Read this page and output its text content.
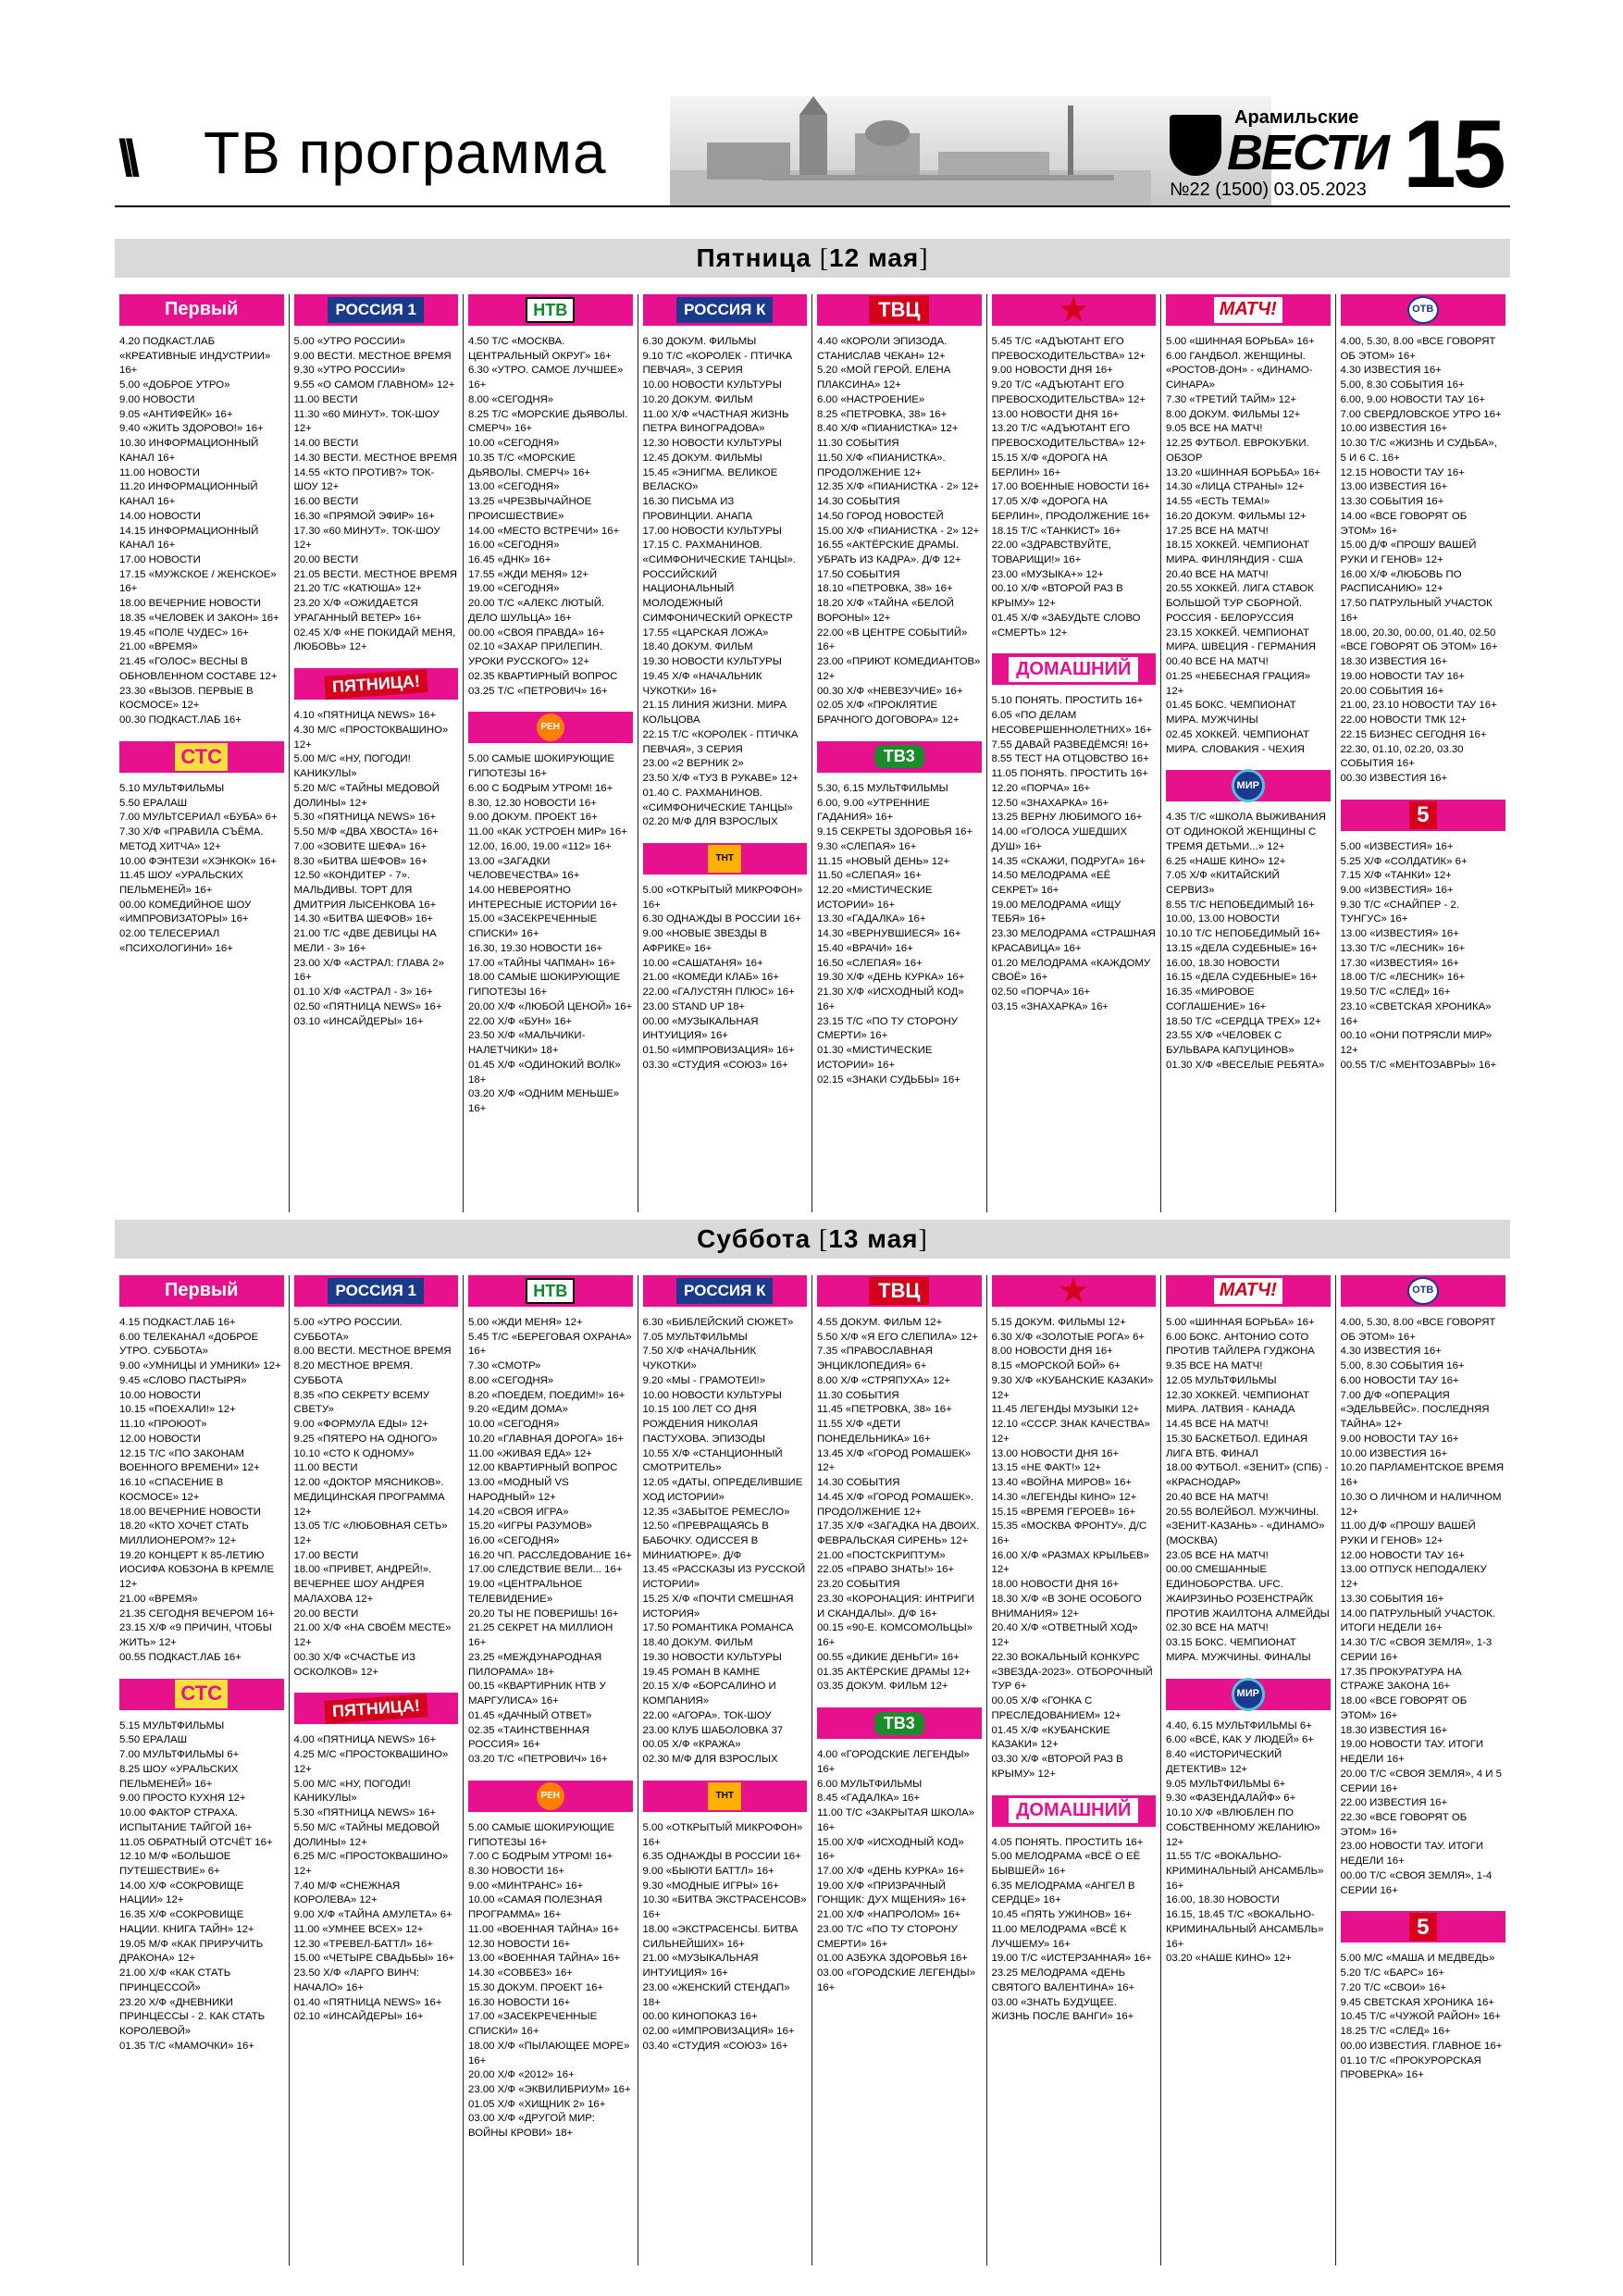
\\ ТВ программа
Арамильские
ВЕСТИ
№22 (1500) 03.05.2023 15
Пятница [12 мая]
Первый
4.20 ПОДКАСТ.ЛАБ «КРЕАТИВНЫЕ ИНДУСТРИИ» 16+
5.00 «ДОБРОЕ УТРО»
9.00 НОВОСТИ
9.05 «АНТИФЕЙК» 16+
9.40 «ЖИТЬ ЗДОРОВО!» 16+
10.30 ИНФОРМАЦИОННЫЙ КАНАЛ 16+
11.00 НОВОСТИ
11.20 ИНФОРМАЦИОННЫЙ КАНАЛ 16+
14.00 НОВОСТИ
14.15 ИНФОРМАЦИОННЫЙ КАНАЛ 16+
17.00 НОВОСТИ
17.15 «МУЖСКОЕ / ЖЕНСКОЕ» 16+
18.00 ВЕЧЕРНИЕ НОВОСТИ
18.35 «ЧЕЛОВЕК И ЗАКОН» 16+
19.45 «ПОЛЕ ЧУДЕС» 16+
21.00 «ВРЕМЯ»
21.45 «ГОЛОС» ВЕСНЫ В ОБНОВЛЕННОМ СОСТАВЕ 12+
23.30 «ВЫЗОВ. ПЕРВЫЕ В КОСМОСЕ» 12+
00.30 ПОДКАСТ.ЛАБ 16+
СТС
5.10 МУЛЬТФИЛЬМЫ
5.50 ЕРАЛАШ
7.00 МУЛЬТСЕРИАЛ «БУБА» 6+
7.30 Х/Ф «ПРАВИЛА СЪЁМА. МЕТОД ХИТЧА» 12+
10.00 ФЭНТЕЗИ «ХЭНКОК» 16+
11.45 ШОУ «УРАЛЬСКИХ ПЕЛЬМЕНЕЙ» 16+
00.00 КОМЕДИЙНОЕ ШОУ «ИМПРОВИЗАТОРЫ» 16+
02.00 ТЕЛЕСЕРИАЛ «ПСИХОЛОГИНИ» 16+
РОССИЯ 1
5.00 «УТРО РОССИИ»
9.00 ВЕСТИ. МЕСТНОЕ ВРЕМЯ
9.30 «УТРО РОССИИ»
9.55 «О САМОМ ГЛАВНОМ» 12+
11.00 ВЕСТИ
11.30 «60 МИНУТ». ТОК-ШОУ 12+
14.00 ВЕСТИ
14.30 ВЕСТИ. МЕСТНОЕ ВРЕМЯ
14.55 «КТО ПРОТИВ?» ТОК-ШОУ 12+
16.00 ВЕСТИ
16.30 «ПРЯМОЙ ЭФИР» 16+
17.30 «60 МИНУТ». ТОК-ШОУ 12+
20.00 ВЕСТИ
21.05 ВЕСТИ. МЕСТНОЕ ВРЕМЯ
21.20 Т/С «КАТЮША» 12+
23.20 Х/Ф «ОЖИДАЕТСЯ УРАГАННЫЙ ВЕТЕР» 16+
02.45 Х/Ф «НЕ ПОКИДАЙ МЕНЯ, ЛЮБОВЬ» 12+
ПЯТНИЦА!
4.10 «ПЯТНИЦА NEWS» 16+
4.30 М/С «ПРОСТОКВАШИНО» 12+
5.00 М/С «НУ, ПОГОДИ! КАНИКУЛЫ»
5.20 М/С «ТАЙНЫ МЕДОВОЙ ДОЛИНЫ» 12+
5.30 «ПЯТНИЦА NEWS» 16+
5.50 М/Ф «ДВА ХВОСТА» 16+
7.00 «ЗОВИТЕ ШЕФА» 16+
8.30 «БИТВА ШЕФОВ» 16+
12.50 «КОНДИТЕР - 7». МАЛЬДИВЫ. ТОРТ ДЛЯ ДМИТРИЯ ЛЫСЕНКОВА 16+
14.30 «БИТВА ШЕФОВ» 16+
21.00 Т/С «ДВЕ ДЕВИЦЫ НА МЕЛИ - 3» 16+
23.00 Х/Ф «АСТРАЛ: ГЛАВА 2» 16+
01.10 Х/Ф «АСТРАЛ - 3» 16+
02.50 «ПЯТНИЦА NEWS» 16+
03.10 «ИНСАЙДЕРЫ» 16+
НТВ
4.50 Т/С «МОСКВА. ЦЕНТРАЛЬНЫЙ ОКРУГ» 16+
6.30 «УТРО. САМОЕ ЛУЧШЕЕ» 16+
8.00 «СЕГОДНЯ»
8.25 Т/С «МОРСКИЕ ДЬЯВОЛЫ. СМЕРЧ» 16+
10.00 «СЕГОДНЯ»
10.35 Т/С «МОРСКИЕ ДЬЯВОЛЫ. СМЕРЧ» 16+
13.00 «СЕГОДНЯ»
13.25 «ЧРЕЗВЫЧАЙНОЕ ПРОИСШЕСТВИЕ»
14.00 «МЕСТО ВСТРЕЧИ» 16+
16.00 «СЕГОДНЯ»
16.45 «ДНК» 16+
17.55 «ЖДИ МЕНЯ» 12+
19.00 «СЕГОДНЯ»
20.00 Т/С «АЛЕКС ЛЮТЫЙ. ДЕЛО ШУЛЬЦА» 16+
00.00 «СВОЯ ПРАВДА» 16+
02.10 «ЗАХАР ПРИЛЕПИН. УРОКИ РУССКОГО» 12+
02.35 КВАРТИРНЫЙ ВОПРОС
03.25 Т/С «ПЕТРОВИЧ» 16+
РЕН
5.00 САМЫЕ ШОКИРУЮЩИЕ ГИПОТЕЗЫ 16+
6.00 С БОДРЫМ УТРОМ! 16+
8.30, 12.30 НОВОСТИ 16+
9.00 ДОКУМ. ПРОЕКТ 16+
11.00 «КАК УСТРОЕН МИР» 16+
12.00, 16.00, 19.00 «112» 16+
13.00 «ЗАГАДКИ ЧЕЛОВЕЧЕСТВА» 16+
14.00 НЕВЕРОЯТНО ИНТЕРЕСНЫЕ ИСТОРИИ 16+
15.00 «ЗАСЕКРЕЧЕННЫЕ СПИСКИ» 16+
16.30, 19.30 НОВОСТИ 16+
17.00 «ТАЙНЫ ЧАПМАН» 16+
18.00 САМЫЕ ШОКИРУЮЩИЕ ГИПОТЕЗЫ 16+
20.00 Х/Ф «ЛЮБОЙ ЦЕНОЙ» 16+
22.00 Х/Ф «БУН» 16+
23.50 Х/Ф «МАЛЬЧИКИ-НАЛЕТЧИКИ» 18+
01.45 Х/Ф «ОДИНОКИЙ ВОЛК» 18+
03.20 Х/Ф «ОДНИМ МЕНЬШЕ» 16+
РОССИЯ К
6.30 ДОКУМ. ФИЛЬМЫ
9.10 Т/С «КОРОЛЕК - ПТИЧКА ПЕВЧАЯ», 3 СЕРИЯ
10.00 НОВОСТИ КУЛЬТУРЫ
10.20 ДОКУМ. ФИЛЬМ
11.00 Х/Ф «ЧАСТНАЯ ЖИЗНЬ ПЕТРА ВИНОГРАДОВА»
12.30 НОВОСТИ КУЛЬТУРЫ
12.45 ДОКУМ. ФИЛЬМЫ
15.45 «ЭНИГМА. ВЕЛИКОЕ ВЕЛАСКО»
16.30 ПИСЬМА ИЗ ПРОВИНЦИИ. АНАПА
17.00 НОВОСТИ КУЛЬТУРЫ
17.15 С. РАХМАНИНОВ. «СИМФОНИЧЕСКИЕ ТАНЦЫ». РОССИЙСКИЙ НАЦИОНАЛЬНЫЙ МОЛОДЕЖНЫЙ СИМФОНИЧЕСКИЙ ОРКЕСТР
17.55 «ЦАРСКАЯ ЛОЖА»
18.40 ДОКУМ. ФИЛЬМ
19.30 НОВОСТИ КУЛЬТУРЫ
19.45 Х/Ф «НАЧАЛЬНИК ЧУКОТКИ» 16+
21.15 ЛИНИЯ ЖИЗНИ. МИРА КОЛЬЦОВА
22.15 Т/С «КОРОЛЕК - ПТИЧКА ПЕВЧАЯ», 3 СЕРИЯ
23.00 «2 ВЕРНИК 2»
23.50 Х/Ф «ТУЗ В РУКАВЕ» 12+
01.40 С. РАХМАНИНОВ. «СИМФОНИЧЕСКИЕ ТАНЦЫ»
02.20 М/Ф ДЛЯ ВЗРОСЛЫХ
ТНТ
5.00 «ОТКРЫТЫЙ МИКРОФОН» 16+
6.30 ОДНАЖДЫ В РОССИИ 16+
9.00 «НОВЫЕ ЗВЕЗДЫ В АФРИКЕ» 16+
10.00 «САШАТАНЯ» 16+
21.00 «КОМЕДИ КЛАБ» 16+
22.00 «ГАЛУСТЯН ПЛЮС» 16+
23.00 STAND UP 18+
00.00 «МУЗЫКАЛЬНАЯ ИНТУИЦИЯ» 16+
01.50 «ИМПРОВИЗАЦИЯ» 16+
03.30 «СТУДИЯ «СОЮЗ» 16+
ТВЦ
4.40 «КОРОЛИ ЭПИЗОДА. СТАНИСЛАВ ЧЕКАН» 12+
5.20 «МОЙ ГЕРОЙ. ЕЛЕНА ПЛАКСИНА» 12+
6.00 «НАСТРОЕНИЕ»
8.25 «ПЕТРОВКА, 38» 16+
8.40 Х/Ф «ПИАНИСТКА» 12+
11.30 СОБЫТИЯ
11.50 Х/Ф «ПИАНИСТКА». ПРОДОЛЖЕНИЕ 12+
12.35 Х/Ф «ПИАНИСТКА - 2» 12+
14.30 СОБЫТИЯ
14.50 ГОРОД НОВОСТЕЙ
15.00 Х/Ф «ПИАНИСТКА - 2» 12+
16.55 «АКТЁРСКИЕ ДРАМЫ. УБРАТЬ ИЗ КАДРА». Д/Ф 12+
17.50 СОБЫТИЯ
18.10 «ПЕТРОВКА, 38» 16+
18.20 Х/Ф «ТАЙНА «БЕЛОЙ ВОРОНЫ» 12+
22.00 «В ЦЕНТРЕ СОБЫТИЙ» 16+
23.00 «ПРИЮТ КОМЕДИАНТОВ» 12+
00.30 Х/Ф «НЕВЕЗУЧИЕ» 16+
02.05 Х/Ф «ПРОКЛЯТИЕ БРАЧНОГО ДОГОВОРА» 12+
ТВ3
5.30, 6.15 МУЛЬТФИЛЬМЫ
6.00, 9.00 «УТРЕННИЕ ГАДАНИЯ» 16+
9.15 СЕКРЕТЫ ЗДОРОВЬЯ 16+
9.30 «СЛЕПАЯ» 16+
11.15 «НОВЫЙ ДЕНЬ» 12+
11.50 «СЛЕПАЯ» 16+
12.20 «МИСТИЧЕСКИЕ ИСТОРИИ» 16+
13.30 «ГАДАЛКА» 16+
14.30 «ВЕРНУВШИЕСЯ» 16+
15.40 «ВРАЧИ» 16+
16.50 «СЛЕПАЯ» 16+
19.30 Х/Ф «ДЕНЬ КУРКА» 16+
21.30 Х/Ф «ИСХОДНЫЙ КОД» 16+
23.15 Т/С «ПО ТУ СТОРОНУ СМЕРТИ» 16+
01.30 «МИСТИЧЕСКИЕ ИСТОРИИ» 16+
02.15 «ЗНАКИ СУДЬБЫ» 16+
★
5.45 Т/С «АДЪЮТАНТ ЕГО ПРЕВОСХОДИТЕЛЬСТВА» 12+
9.00 НОВОСТИ ДНЯ 16+
9.20 Т/С «АДЪЮТАНТ ЕГО ПРЕВОСХОДИТЕЛЬСТВА» 12+
13.00 НОВОСТИ ДНЯ 16+
13.20 Т/С «АДЪЮТАНТ ЕГО ПРЕВОСХОДИТЕЛЬСТВА» 12+
15.15 Х/Ф «ДОРОГА НА БЕРЛИН» 16+
17.00 ВОЕННЫЕ НОВОСТИ 16+
17.05 Х/Ф «ДОРОГА НА БЕРЛИН», ПРОДОЛЖЕНИЕ 16+
18.15 Т/С «ТАНКИСТ» 16+
22.00 «ЗДРАВСТВУЙТЕ, ТОВАРИЩИ!» 16+
23.00 «МУЗЫКА+» 12+
00.10 Х/Ф «ВТОРОЙ РАЗ В КРЫМУ» 12+
01.45 Х/Ф «ЗАБУДЬТЕ СЛОВО «СМЕРТЬ» 12+
ДОМАШНИЙ
5.10 ПОНЯТЬ. ПРОСТИТЬ 16+
6.05 «ПО ДЕЛАМ НЕСОВЕРШЕННОЛЕТНИХ» 16+
7.55 ДАВАЙ РАЗВЕДЁМСЯ! 16+
8.55 ТЕСТ НА ОТЦОВСТВО 16+
11.05 ПОНЯТЬ. ПРОСТИТЬ 16+
12.20 «ПОРЧА» 16+
12.50 «ЗНАХАРКА» 16+
13.25 ВЕРНУ ЛЮБИМОГО 16+
14.00 «ГОЛОСА УШЕДШИХ ДУШ» 16+
14.35 «СКАЖИ, ПОДРУГА» 16+
14.50 МЕЛОДРАМА «ЕЁ СЕКРЕТ» 16+
19.00 МЕЛОДРАМА «ИЩУ ТЕБЯ» 16+
23.30 МЕЛОДРАМА «СТРАШНАЯ КРАСАВИЦА» 16+
01.20 МЕЛОДРАМА «КАЖДОМУ СВОЁ» 16+
02.50 «ПОРЧА» 16+
03.15 «ЗНАХАРКА» 16+
МАТЧ!
5.00 «ШИННАЯ БОРЬБА» 16+
6.00 ГАНДБОЛ. ЖЕНЩИНЫ. «РОСТОВ-ДОН» - «ДИНАМО-СИНАРА»
7.30 «ТРЕТИЙ ТАЙМ» 12+
8.00 ДОКУМ. ФИЛЬМЫ 12+
9.05 ВСЕ НА МАТЧ!
12.25 ФУТБОЛ. ЕВРОКУБКИ. ОБЗОР
13.20 «ШИННАЯ БОРЬБА» 16+
14.30 «ЛИЦА СТРАНЫ» 12+
14.55 «ЕСТЬ ТЕМА!»
16.20 ДОКУМ. ФИЛЬМЫ 12+
17.25 ВСЕ НА МАТЧ!
18.15 ХОККЕЙ. ЧЕМПИОНАТ МИРА. ФИНЛЯНДИЯ - США
20.40 ВСЕ НА МАТЧ!
20.55 ХОККЕЙ. ЛИГА СТАВОК БОЛЬШОЙ ТУР СБОРНОЙ. РОССИЯ - БЕЛОРУССИЯ
23.15 ХОККЕЙ. ЧЕМПИОНАТ МИРА. ШВЕЦИЯ - ГЕРМАНИЯ
00.40 ВСЕ НА МАТЧ!
01.25 «НЕБЕСНАЯ ГРАЦИЯ» 12+
01.45 БОКС. ЧЕМПИОНАТ МИРА. МУЖЧИНЫ
02.45 ХОККЕЙ. ЧЕМПИОНАТ МИРА. СЛОВАКИЯ - ЧЕХИЯ
МИР
4.35 Т/С «ШКОЛА ВЫЖИВАНИЯ ОТ ОДИНОКОЙ ЖЕНЩИНЫ С ТРЕМЯ ДЕТЬМИ...» 12+
6.25 «НАШЕ КИНО» 12+
7.05 Х/Ф «КИТАЙСКИЙ СЕРВИЗ»
8.55 Т/С НЕПОБЕДИМЫЙ 16+
10.00, 13.00 НОВОСТИ
10.10 Т/С НЕПОБЕДИМЫЙ 16+
13.15 «ДЕЛА СУДЕБНЫЕ» 16+
16.00, 18.30 НОВОСТИ
16.15 «ДЕЛА СУДЕБНЫЕ» 16+
16.35 «МИРОВОЕ СОГЛАШЕНИЕ» 16+
18.50 Т/С «СЕРДЦА ТРЕХ» 12+
23.55 Х/Ф «ЧЕЛОВЕК С БУЛЬВАРА КАПУЦИНОВ»
01.30 Х/Ф «ВЕСЕЛЫЕ РЕБЯТА»
ОТВ
4.00, 5.30, 8.00 «ВСЕ ГОВОРЯТ ОБ ЭТОМ» 16+
4.30 ИЗВЕСТИЯ 16+
5.00, 8.30 СОБЫТИЯ 16+
6.00, 9.00 НОВОСТИ ТАУ 16+
7.00 СВЕРДЛОВСКОЕ УТРО 16+
10.00 ИЗВЕСТИЯ 16+
10.30 Т/С «ЖИЗНЬ И СУДЬБА», 5 И 6 С. 16+
12.15 НОВОСТИ ТАУ 16+
13.00 ИЗВЕСТИЯ 16+
13.30 СОБЫТИЯ 16+
14.00 «ВСЕ ГОВОРЯТ ОБ ЭТОМ» 16+
15.00 Д/Ф «ПРОШУ ВАШЕЙ РУКИ И ГЕНОВ» 12+
16.00 Х/Ф «ЛЮБОВЬ ПО РАСПИСАНИЮ» 12+
17.50 ПАТРУЛЬНЫЙ УЧАСТОК 16+
18.00, 20.30, 00.00, 01.40, 02.50 «ВСЕ ГОВОРЯТ ОБ ЭТОМ» 16+
18.30 ИЗВЕСТИЯ 16+
19.00 НОВОСТИ ТАУ 16+
20.00 СОБЫТИЯ 16+
21.00, 23.10 НОВОСТИ ТАУ 16+
22.00 НОВОСТИ ТМК 12+
22.15 БИЗНЕС СЕГОДНЯ 16+
22.30, 01.10, 02.20, 03.30 СОБЫТИЯ 16+
00.30 ИЗВЕСТИЯ 16+
5
5.00 «ИЗВЕСТИЯ» 16+
5.25 Х/Ф «СОЛДАТИК» 6+
7.15 Х/Ф «ТАНКИ» 12+
9.00 «ИЗВЕСТИЯ» 16+
9.30 Т/С «СНАЙПЕР - 2. ТУНГУС» 16+
13.00 «ИЗВЕСТИЯ» 16+
13.30 Т/С «ЛЕСНИК» 16+
17.30 «ИЗВЕСТИЯ» 16+
18.00 Т/С «ЛЕСНИК» 16+
19.50 Т/С «СЛЕД» 16+
23.10 «СВЕТСКАЯ ХРОНИКА» 16+
00.10 «ОНИ ПОТРЯСЛИ МИР» 12+
00.55 Т/С «МЕНТОЗАВРЫ» 16+
Суббота [13 мая]
Первый
4.15 ПОДКАСТ.ЛАБ 16+
6.00 ТЕЛЕКАНАЛ «ДОБРОЕ УТРО. СУББОТА»
9.00 «УМНИЦЫ И УМНИКИ» 12+
9.45 «СЛОВО ПАСТЫРЯ»
10.00 НОВОСТИ
10.15 «ПОЕХАЛИ!» 12+
11.10 «ПРОЮОТ»
12.00 НОВОСТИ
12.15 Т/С «ПО ЗАКОНАМ ВОЕННОГО ВРЕМЕНИ» 12+
16.10 «СПАСЕНИЕ В КОСМОСЕ» 12+
18.00 ВЕЧЕРНИЕ НОВОСТИ
18.20 «КТО ХОЧЕТ СТАТЬ МИЛЛИОНЕРОМ?» 12+
19.20 КОНЦЕРТ К 85-ЛЕТИЮ ИОСИФА КОБЗОНА В КРЕМЛЕ 12+
21.00 «ВРЕМЯ»
21.35 СЕГОДНЯ ВЕЧЕРОМ 16+
23.15 Х/Ф «9 ПРИЧИН, ЧТОБЫ ЖИТЬ» 12+
00.55 ПОДКАСТ.ЛАБ 16+
СТС
5.15 МУЛЬТФИЛЬМЫ
5.50 ЕРАЛАШ
7.00 МУЛЬТФИЛЬМЫ 6+
8.25 ШОУ «УРАЛЬСКИХ ПЕЛЬМЕНЕЙ» 16+
9.00 ПРОСТО КУХНЯ 12+
10.00 ФАКТОР СТРАХА. ИСПЫТАНИЕ ТАЙГОЙ 16+
11.05 ОБРАТНЫЙ ОТСЧЁТ 16+
12.10 М/Ф «БОЛЬШОЕ ПУТЕШЕСТВИЕ» 6+
14.00 Х/Ф «СОКРОВИЩЕ НАЦИИ» 12+
16.35 Х/Ф «СОКРОВИЩЕ НАЦИИ. КНИГА ТАЙН» 12+
19.05 М/Ф «КАК ПРИРУЧИТЬ ДРАКОНА» 12+
21.00 Х/Ф «КАК СТАТЬ ПРИНЦЕССОЙ»
23.20 Х/Ф «ДНЕВНИКИ ПРИНЦЕССЫ - 2. КАК СТАТЬ КОРОЛЕВОЙ»
01.35 Т/С «МАМОЧКИ» 16+
РОССИЯ 1
5.00 «УТРО РОССИИ. СУББОТА»
8.00 ВЕСТИ. МЕСТНОЕ ВРЕМЯ
8.20 МЕСТНОЕ ВРЕМЯ. СУББОТА
8.35 «ПО СЕКРЕТУ ВСЕМУ СВЕТУ»
9.00 «ФОРМУЛА ЕДЫ» 12+
9.25 «ПЯТЕРО НА ОДНОГО»
10.10 «СТО К ОДНОМУ»
11.00 ВЕСТИ
12.00 «ДОКТОР МЯСНИКОВ». МЕДИЦИНСКАЯ ПРОГРАММА 12+
13.05 Т/С «ЛЮБОВНАЯ СЕТЬ» 12+
17.00 ВЕСТИ
18.00 «ПРИВЕТ, АНДРЕЙ!». ВЕЧЕРНЕЕ ШОУ АНДРЕЯ МАЛАХОВА 12+
20.00 ВЕСТИ
21.00 Х/Ф «НА СВОЁМ МЕСТЕ» 12+
00.30 Х/Ф «СЧАСТЬЕ ИЗ ОСКОЛКОВ» 12+
ПЯТНИЦА!
4.00 «ПЯТНИЦА NEWS» 16+
4.25 М/С «ПРОСТОКВАШИНО» 12+
5.00 М/С «НУ, ПОГОДИ! КАНИКУЛЫ»
5.30 «ПЯТНИЦА NEWS» 16+
5.50 М/С «ТАЙНЫ МЕДОВОЙ ДОЛИНЫ» 12+
6.25 М/С «ПРОСТОКВАШИНО» 12+
7.40 М/Ф «СНЕЖНАЯ КОРОЛЕВА» 12+
9.00 Х/Ф «ТАЙНА АМУЛЕТА» 6+
11.00 «УМНЕЕ ВСЕХ» 12+
12.30 «ТРЕВЕЛ-БАТТЛ» 16+
15.00 «ЧЕТЫРЕ СВАДЬБЫ» 16+
23.50 Х/Ф «ЛАРГО ВИНЧ: НАЧАЛО» 16+
01.40 «ПЯТНИЦА NEWS» 16+
02.10 «ИНСАЙДЕРЫ» 16+
НТВ
5.00 «ЖДИ МЕНЯ» 12+
5.45 Т/С «БЕРЕГОВАЯ ОХРАНА» 16+
7.30 «СМОТР»
8.00 «СЕГОДНЯ»
8.20 «ПОЕДЕМ, ПОЕДИМ!» 16+
9.20 «ЕДИМ ДОМА»
10.00 «СЕГОДНЯ»
10.20 «ГЛАВНАЯ ДОРОГА» 16+
11.00 «ЖИВАЯ ЕДА» 12+
12.00 КВАРТИРНЫЙ ВОПРОС
13.00 «МОДНЫЙ VS НАРОДНЫЙ» 12+
14.20 «СВОЯ ИГРА»
15.20 «ИГРЫ РАЗУМОВ»
16.00 «СЕГОДНЯ»
16.20 ЧП. РАССЛЕДОВАНИЕ 16+
17.00 СЛЕДСТВИЕ ВЕЛИ... 16+
19.00 «ЦЕНТРАЛЬНОЕ ТЕЛЕВИДЕНИЕ»
20.20 ТЫ НЕ ПОВЕРИШЬ! 16+
21.25 СЕКРЕТ НА МИЛЛИОН 16+
23.25 «МЕЖДУНАРОДНАЯ ПИЛОРАМА» 18+
00.15 «КВАРТИРНИК НТВ У МАРГУЛИСА» 16+
01.45 «ДАЧНЫЙ ОТВЕТ»
02.35 «ТАИНСТВЕННАЯ РОССИЯ» 16+
03.20 Т/С «ПЕТРОВИЧ» 16+
РЕН
5.00 САМЫЕ ШОКИРУЮЩИЕ ГИПОТЕЗЫ 16+
7.00 С БОДРЫМ УТРОМ! 16+
8.30 НОВОСТИ 16+
9.00 «МИНТРАНС» 16+
10.00 «САМАЯ ПОЛЕЗНАЯ ПРОГРАММА» 16+
11.00 «ВОЕННАЯ ТАЙНА» 16+
12.30 НОВОСТИ 16+
13.00 «ВОЕННАЯ ТАЙНА» 16+
14.30 «СОВБЕЗ» 16+
15.30 ДОКУМ. ПРОЕКТ 16+
16.30 НОВОСТИ 16+
17.00 «ЗАСЕКРЕЧЕННЫЕ СПИСКИ» 16+
18.00 Х/Ф «ПЫЛАЮЩЕЕ МОРЕ» 16+
20.00 Х/Ф «2012» 16+
23.00 Х/Ф «ЭКВИЛИБРИУМ» 16+
01.05 Х/Ф «ХИЩНИК 2» 16+
03.00 Х/Ф «ДРУГОЙ МИР: ВОЙНЫ КРОВИ» 18+
РОССИЯ К
6.30 «БИБЛЕЙСКИЙ СЮЖЕТ»
7.05 МУЛЬТФИЛЬМЫ
7.50 Х/Ф «НАЧАЛЬНИК ЧУКОТКИ»
9.20 «МЫ - ГРАМОТЕИ!»
10.00 НОВОСТИ КУЛЬТУРЫ
10.15 100 ЛЕТ СО ДНЯ РОЖДЕНИЯ НИКОЛАЯ ПАСТУХОВА. ЭПИЗОДЫ
10.55 Х/Ф «СТАНЦИОННЫЙ СМОТРИТЕЛЬ»
12.05 «ДАТЫ, ОПРЕДЕЛИВШИЕ ХОД ИСТОРИИ»
12.35 «ЗАБЫТОЕ РЕМЕСЛО»
12.50 «ПРЕВРАЩАЯСЬ В БАБОЧКУ. ОДИССЕЯ В МИНИАТЮРЕ». Д/Ф
13.45 «РАССКАЗЫ ИЗ РУССКОЙ ИСТОРИИ»
15.25 Х/Ф «ПОЧТИ СМЕШНАЯ ИСТОРИЯ»
17.50 РОМАНТИКА РОМАНСА
18.40 ДОКУМ. ФИЛЬМ
19.30 НОВОСТИ КУЛЬТУРЫ
19.45 РОМАН В КАМНЕ
20.15 Х/Ф «БОРСАЛИНО И КОМПАНИЯ»
22.00 «АГОРА». ТОК-ШОУ
23.00 КЛУБ ШАБОЛОВКА 37
00.05 Х/Ф «КРАЖА»
02.30 М/Ф ДЛЯ ВЗРОСЛЫХ
ТНТ
5.00 «ОТКРЫТЫЙ МИКРОФОН» 16+
6.35 ОДНАЖДЫ В РОССИИ 16+
9.00 «БЫЮТИ БАТТЛ» 16+
9.30 «МОДНЫЕ ИГРЫ» 16+
10.30 «БИТВА ЭКСТРАСЕНСОВ» 16+
18.00 «ЭКСТРАСЕНСЫ. БИТВА СИЛЬНЕЙШИХ» 16+
21.00 «МУЗЫКАЛЬНАЯ ИНТУИЦИЯ» 16+
23.00 «ЖЕНСКИЙ СТЕНДАП» 18+
00.00 КИНОПОКАЗ 16+
02.00 «ИМПРОВИЗАЦИЯ» 16+
03.40 «СТУДИЯ «СОЮЗ» 16+
ТВЦ
4.55 ДОКУМ. ФИЛЬМ 12+
5.50 Х/Ф «Я ЕГО СЛЕПИЛА» 12+
7.35 «ПРАВОСЛАВНАЯ ЭНЦИКЛОПЕДИЯ» 6+
8.00 Х/Ф «СТРЯПУХА» 12+
11.30 СОБЫТИЯ
11.45 «ПЕТРОВКА, 38» 16+
11.55 Х/Ф «ДЕТИ ПОНЕДЕЛЬНИКА» 16+
13.45 Х/Ф «ГОРОД РОМАШЕК» 12+
14.30 СОБЫТИЯ
14.45 Х/Ф «ГОРОД РОМАШЕК». ПРОДОЛЖЕНИЕ 12+
17.35 Х/Ф «ЗАГАДКА НА ДВОИХ. ФЕВРАЛЬСКАЯ СИРЕНЬ» 12+
21.00 «ПОСТСКРИПТУМ»
22.05 «ПРАВО ЗНАТЬ!» 16+
23.20 СОБЫТИЯ
23.30 «КОРОНАЦИЯ: ИНТРИГИ И СКАНДАЛЫ». Д/Ф 16+
00.15 «90-Е. КОМСОМОЛЬЦЫ» 16+
00.55 «ДИКИЕ ДЕНЬГИ» 16+
01.35 АКТЁРСКИЕ ДРАМЫ 12+
03.35 ДОКУМ. ФИЛЬМ 12+
ТВ3
4.00 «ГОРОДСКИЕ ЛЕГЕНДЫ» 16+
6.00 МУЛЬТФИЛЬМЫ
8.45 «ГАДАЛКА» 16+
11.00 Т/С «ЗАКРЫТАЯ ШКОЛА» 16+
15.00 Х/Ф «ИСХОДНЫЙ КОД» 16+
17.00 Х/Ф «ДЕНЬ КУРКА» 16+
19.00 Х/Ф «ПРИЗРАЧНЫЙ ГОНЩИК: ДУХ МЩЕНИЯ» 16+
21.00 Х/Ф «НАПРОЛОМ» 16+
23.00 Т/С «ПО ТУ СТОРОНУ СМЕРТИ» 16+
01.00 АЗБУКА ЗДОРОВЬЯ 16+
03.00 «ГОРОДСКИЕ ЛЕГЕНДЫ» 16+
★
5.15 ДОКУМ. ФИЛЬМЫ 12+
6.30 Х/Ф «ЗОЛОТЫЕ РОГА» 6+
8.00 НОВОСТИ ДНЯ 16+
8.15 «МОРСКОЙ БОЙ» 6+
9.30 Х/Ф «КУБАНСКИЕ КАЗАКИ» 12+
11.45 ЛЕГЕНДЫ МУЗЫКИ 12+
12.10 «СССР. ЗНАК КАЧЕСТВА» 12+
13.00 НОВОСТИ ДНЯ 16+
13.15 «НЕ ФАКТ!» 12+
13.40 «ВОЙНА МИРОВ» 16+
14.30 «ЛЕГЕНДЫ КИНО» 12+
15.15 «ВРЕМЯ ГЕРОЕВ» 16+
15.35 «МОСКВА ФРОНТУ». Д/С 16+
16.00 Х/Ф «РАЗМАХ КРЫЛЬЕВ» 12+
18.00 НОВОСТИ ДНЯ 16+
18.30 Х/Ф «В ЗОНЕ ОСОБОГО ВНИМАНИЯ» 12+
20.40 Х/Ф «ОТВЕТНЫЙ ХОД» 12+
22.30 ВОКАЛЬНЫЙ КОНКУРС «ЗВЕЗДА-2023». ОТБОРОЧНЫЙ ТУР 6+
00.05 Х/Ф «ГОНКА С ПРЕСЛЕДОВАНИЕМ» 12+
01.45 Х/Ф «КУБАНСКИЕ КАЗАКИ» 12+
03.30 Х/Ф «ВТОРОЙ РАЗ В КРЫМУ» 12+
ДОМАШНИЙ
4.05 ПОНЯТЬ. ПРОСТИТЬ 16+
5.00 МЕЛОДРАМА «ВСЁ О ЕЁ БЫВШЕЙ» 16+
6.35 МЕЛОДРАМА «АНГЕЛ В СЕРДЦЕ» 16+
10.45 «ПЯТЬ УЖИНОВ» 16+
11.00 МЕЛОДРАМА «ВСЁ К ЛУЧШЕМУ» 16+
19.00 Т/С «ИСТЕРЗАННАЯ» 16+
23.25 МЕЛОДРАМА «ДЕНЬ СВЯТОГО ВАЛЕНТИНА» 16+
03.00 «ЗНАТЬ БУДУЩЕЕ. ЖИЗНЬ ПОСЛЕ ВАНГИ» 16+
МАТЧ!
5.00 «ШИННАЯ БОРЬБА» 16+
6.00 БОКС. АНТОНИО СОТО ПРОТИВ ТАЙЛЕРА ГУДЖОНА
9.35 ВСЕ НА МАТЧ!
12.05 МУЛЬТФИЛЬМЫ
12.30 ХОККЕЙ. ЧЕМПИОНАТ МИРА. ЛАТВИЯ - КАНАДА
14.45 ВСЕ НА МАТЧ!
15.30 БАСКЕТБОЛ. ЕДИНАЯ ЛИГА ВТБ. ФИНАЛ
18.00 ФУТБОЛ. «ЗЕНИТ» (СПБ) - «КРАСНОДАР»
20.40 ВСЕ НА МАТЧ!
20.55 ВОЛЕЙБОЛ. МУЖЧИНЫ. «ЗЕНИТ-КАЗАНЬ» - «ДИНАМО» (МОСКВА)
23.05 ВСЕ НА МАТЧ!
00.00 СМЕШАННЫЕ ЕДИНОБОРСТВА. UFC. ЖАИРЗИНЬО РОЗЕНСТРАЙК ПРОТИВ ЖАИЛТОНА АЛМЕЙДЫ
02.30 ВСЕ НА МАТЧ!
03.15 БОКС. ЧЕМПИОНАТ МИРА. МУЖЧИНЫ. ФИНАЛЫ
МИР
4.40, 6.15 МУЛЬТФИЛЬМЫ 6+
6.00 «ВСЁ, КАК У ЛЮДЕЙ» 6+
8.40 «ИСТОРИЧЕСКИЙ ДЕТЕКТИВ» 12+
9.05 МУЛЬТФИЛЬМЫ 6+
9.30 «ФАЗЕНДАЛАЙФ» 6+
10.10 Х/Ф «ВЛЮБЛЕН ПО СОБСТВЕННОМУ ЖЕЛАНИЮ» 12+
11.55 Т/С «ВОКАЛЬНО-КРИМИНАЛЬНЫЙ АНСАМБЛЬ» 16+
16.00, 18.30 НОВОСТИ
16.15, 18.45 Т/С «ВОКАЛЬНО-КРИМИНАЛЬНЫЙ АНСАМБЛЬ» 16+
03.20 «НАШЕ КИНО» 12+
ОТВ
4.00, 5.30, 8.00 «ВСЕ ГОВОРЯТ ОБ ЭТОМ» 16+
4.30 ИЗВЕСТИЯ 16+
5.00, 8.30 СОБЫТИЯ 16+
6.00 НОВОСТИ ТАУ 16+
7.00 Д/Ф «ОПЕРАЦИЯ «ЭДЕЛЬВЕЙС». ПОСЛЕДНЯЯ ТАЙНА» 12+
9.00 НОВОСТИ ТАУ 16+
10.00 ИЗВЕСТИЯ 16+
10.20 ПАРЛАМЕНТСКОЕ ВРЕМЯ 16+
10.30 О ЛИЧНОМ И НАЛИЧНОМ 12+
11.00 Д/Ф «ПРОШУ ВАШЕЙ РУКИ И ГЕНОВ» 12+
12.00 НОВОСТИ ТАУ 16+
13.00 ОТПУСК НЕПОДАЛЕКУ 12+
13.30 СОБЫТИЯ 16+
14.00 ПАТРУЛЬНЫЙ УЧАСТОК. ИТОГИ НЕДЕЛИ 16+
14.30 Т/С «СВОЯ ЗЕМЛЯ», 1-3 СЕРИИ 16+
17.35 ПРОКУРАТУРА НА СТРАЖЕ ЗАКОНА 16+
18.00 «ВСЕ ГОВОРЯТ ОБ ЭТОМ» 16+
18.30 ИЗВЕСТИЯ 16+
19.00 НОВОСТИ ТАУ. ИТОГИ НЕДЕЛИ 16+
20.00 Т/С «СВОЯ ЗЕМЛЯ», 4 И 5 СЕРИИ 16+
22.00 ИЗВЕСТИЯ 16+
22.30 «ВСЕ ГОВОРЯТ ОБ ЭТОМ» 16+
23.00 НОВОСТИ ТАУ. ИТОГИ НЕДЕЛИ 16+
00.00 Т/С «СВОЯ ЗЕМЛЯ», 1-4 СЕРИИ 16+
5
5.00 М/С «МАША И МЕДВЕДЬ»
5.20 Т/С «БАРС» 16+
7.20 Т/С «СВОИ» 16+
9.45 СВЕТСКАЯ ХРОНИКА 16+
10.45 Т/С «ЧУЖОЙ РАЙОН» 16+
18.25 Т/С «СЛЕД» 16+
00.00 ИЗВЕСТИЯ. ГЛАВНОЕ 16+
01.10 Т/С «ПРОКУРОРСКАЯ ПРОВЕРКА» 16+
